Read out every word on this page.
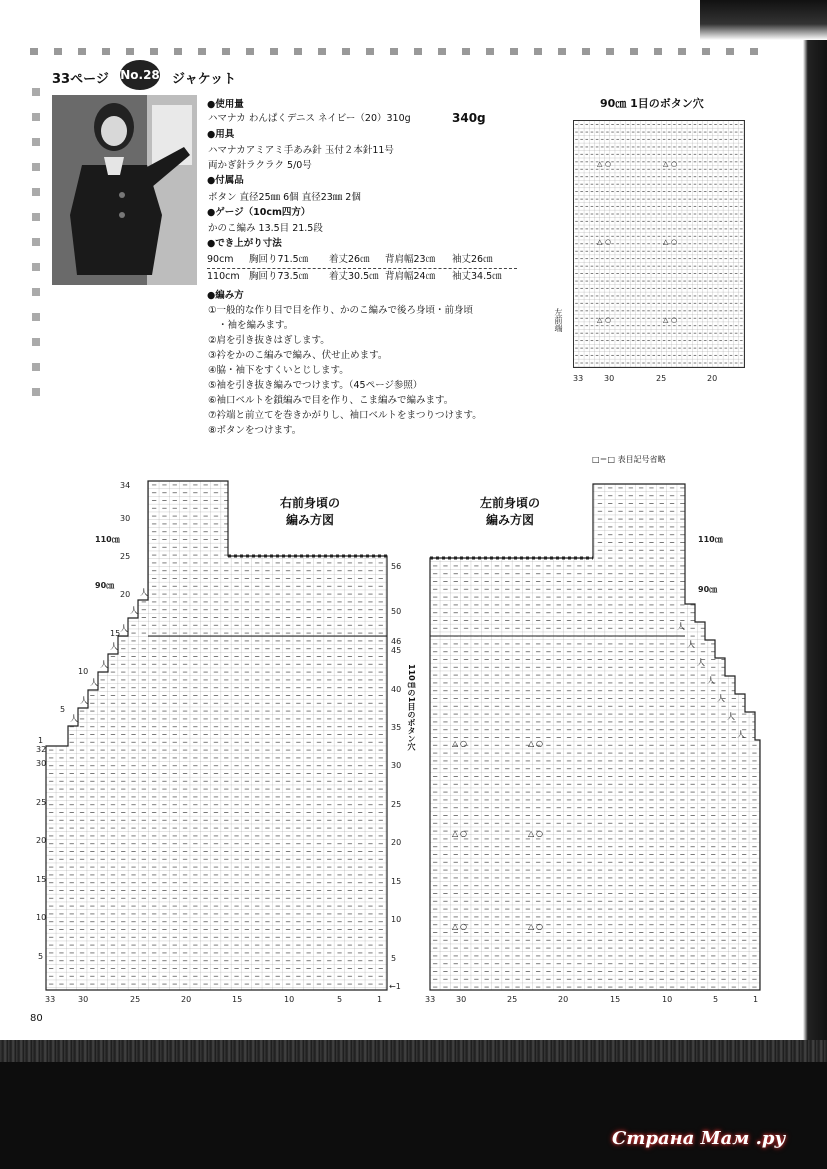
33ページ No.28 ジャケット
●使用量
ハマナカ わんぱくデニス ネイビー（20）310g	340g
●用具
ハマナカアミアミ手あみ針 玉付２本針11号
両かぎ針ラクラク 5/0号
●付属品
ボタン 直径25㎜ 6個 直径23㎜ 2個
●ゲージ（10cm四方）
かのこ編み 13.5目 21.5段
●でき上がり寸法
90cm 胸回り71.5㎝ 着丈26㎝ 背肩幅23㎝ 袖丈26㎝
110cm 胸回り73.5㎝ 着丈30.5㎝ 背肩幅24㎝ 袖丈34.5㎝
●編み方
①一般的な作り目で目を作り、かのこ編みで後ろ身頃・前身頃
・袖を編みます。
②肩を引き抜きはぎします。
③衿をかのこ編みで編み、伏せ止めます。
④脇・袖下をすくいとじします。
⑤袖を引き抜き編みでつけます。（45ページ参照）
⑥袖口ベルトを鎖編みで目を作り、こま編みで編みます。
⑦衿端と前立てを巻きかがりし、袖口ベルトをまつりつけます。
⑧ボタンをつけます。
90㎝ 1目のボタン穴
△ ○	△ ○
△ ○	△ ○
△ ○	△ ○
左前端
33	30	25	20
□＝□ 表目記号省略
人
人
人
人
人
人
人
人
右前身頃の
編み方図
110㎝
90㎝
34
30
25
20
15
10
5
1
32
30
25
20
15
10
5
56
50
46
45
40
35
30
25
20
15
10
5
←1
33	30	25	20	15	10	5	1
人
人
人
人
人
人
人
△ ○	△ ○
△ ○	△ ○
△ ○	△ ○
左前身頃の
編み方図
110㎝
90㎝
110㎝の1目のボタン穴
33	30	25	20	15	10	5	1
80
Страна Мам .ру
